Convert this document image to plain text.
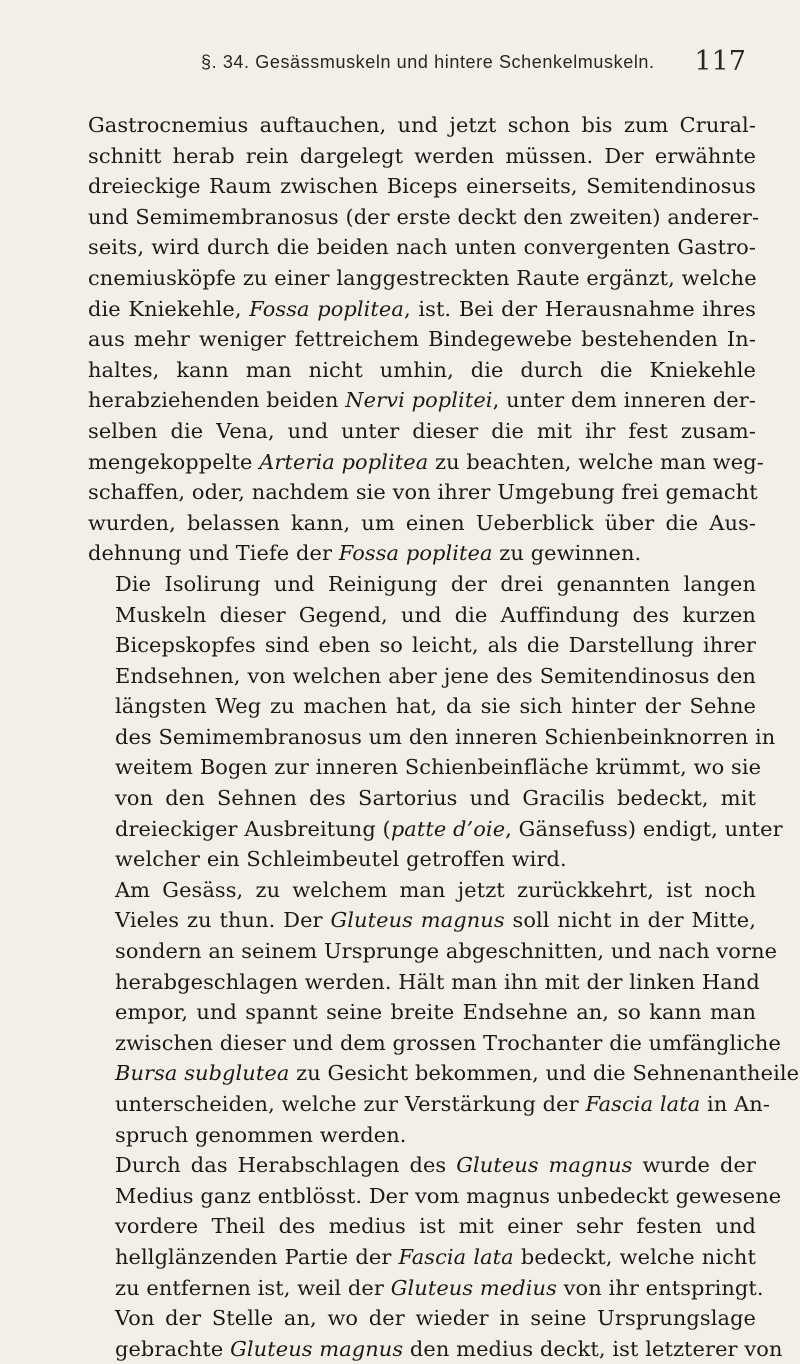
§. 34. Gesässmuskeln und hintere Schenkelmuskeln. 117

Gastrocnemius auftauchen, und jetzt schon bis zum Crural-
schnitt herab rein dargelegt werden müssen. Der erwähnte
dreieckige Raum zwischen Biceps einerseits, Semitendinosus
und Semimembranosus (der erste deckt den zweiten) anderer-
seits, wird durch die beiden nach unten convergenten Gastro-
cnemiusköpfe zu einer langgestreckten Raute ergänzt, welche
die Kniekehle, Fossa poplitea, ist. Bei der Herausnahme ihres
aus mehr weniger fettreichem Bindegewebe bestehenden In-
haltes, kann man nicht umhin, die durch die Kniekehle
herabziehenden beiden Nervi poplitei, unter dem inneren der-
selben die Vena, und unter dieser die mit ihr fest zusam-
mengekoppelte Arteria poplitea zu beachten, welche man weg-
schaffen, oder, nachdem sie von ihrer Umgebung frei gemacht
wurden, belassen kann, um einen Ueberblick über die Aus-
dehnung und Tiefe der Fossa poplitea zu gewinnen.

Die Isolirung und Reinigung der drei genannten langen
Muskeln dieser Gegend, und die Auffindung des kurzen
Bicepskopfes sind eben so leicht, als die Darstellung ihrer
Endsehnen, von welchen aber jene des Semitendinosus den
längsten Weg zu machen hat, da sie sich hinter der Sehne
des Semimembranosus um den inneren Schienbeinknorren in
weitem Bogen zur inneren Schienbeinfläche krümmt, wo sie
von den Sehnen des Sartorius und Gracilis bedeckt, mit
dreieckiger Ausbreitung (patte d’oie, Gänsefuss) endigt, unter
welcher ein Schleimbeutel getroffen wird.

Am Gesäss, zu welchem man jetzt zurückkehrt, ist noch
Vieles zu thun. Der Gluteus magnus soll nicht in der Mitte,
sondern an seinem Ursprunge abgeschnitten, und nach vorne
herabgeschlagen werden. Hält man ihn mit der linken Hand
empor, und spannt seine breite Endsehne an, so kann man
zwischen dieser und dem grossen Trochanter die umfängliche
Bursa subglutea zu Gesicht bekommen, und die Sehnenantheile
unterscheiden, welche zur Verstärkung der Fascia lata in An-
spruch genommen werden.

Durch das Herabschlagen des Gluteus magnus wurde der
Medius ganz entblösst. Der vom magnus unbedeckt gewesene
vordere Theil des medius ist mit einer sehr festen und
hellglänzenden Partie der Fascia lata bedeckt, welche nicht
zu entfernen ist, weil der Gluteus medius von ihr entspringt.
Von der Stelle an, wo der wieder in seine Ursprungslage
gebrachte Gluteus magnus den medius deckt, ist letzterer von
